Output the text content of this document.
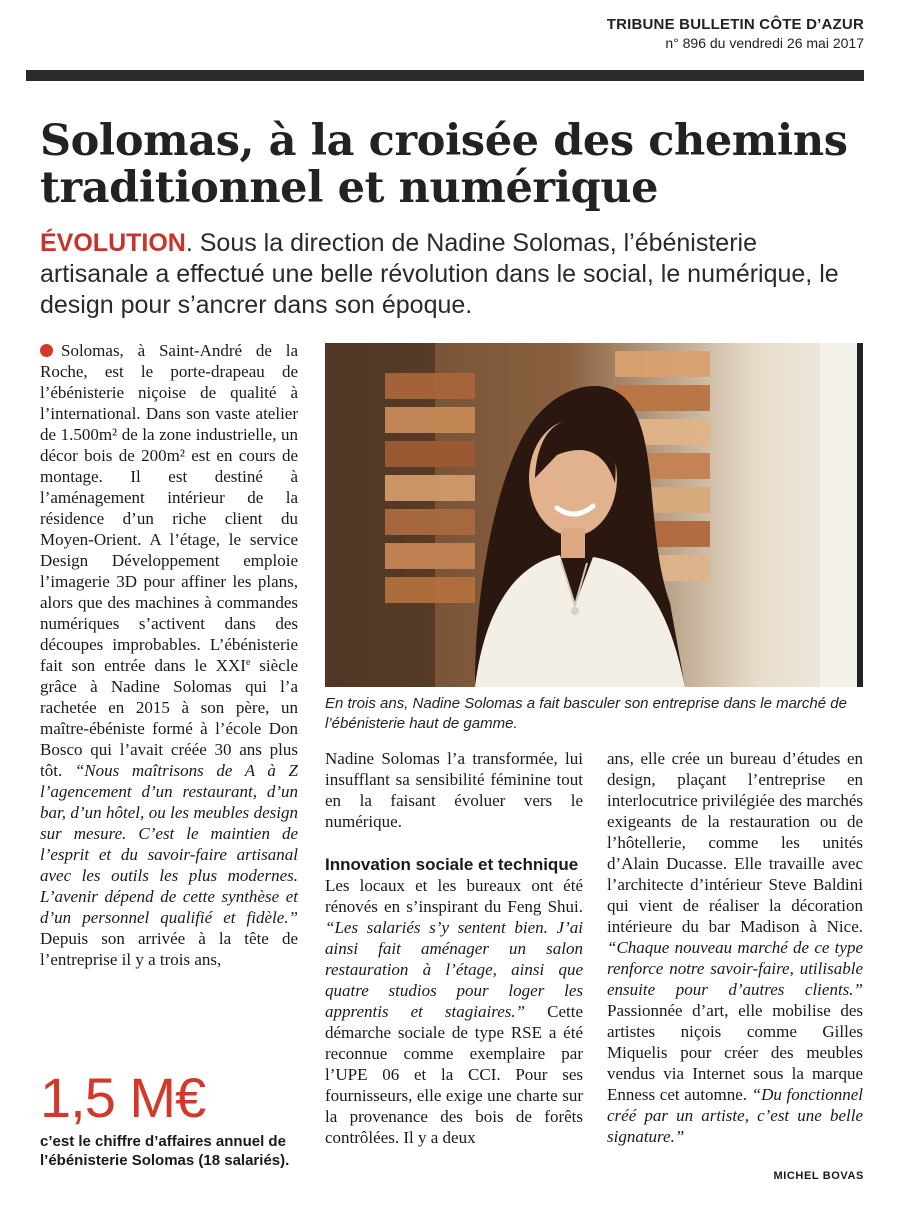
TRIBUNE BULLETIN CÔTE D’AZUR
n° 896 du vendredi 26 mai 2017
Solomas, à la croisée des chemins
traditionnel et numérique
ÉVOLUTION. Sous la direction de Nadine Solomas, l’ébénisterie artisanale a effectué une belle révolution dans le social, le numérique, le design pour s’ancrer dans son époque.

Solomas, à Saint-André de la Roche, est le porte-drapeau de l’ébénisterie niçoise de qualité à l’international. Dans son vaste atelier de 1.500m² de la zone industrielle, un décor bois de 200m² est en cours de montage. Il est destiné à l’aménagement intérieur de la résidence d’un riche client du Moyen-Orient. A l’étage, le service Design Développement emploie l’imagerie 3D pour affiner les plans, alors que des machines à commandes numériques s’activent dans des découpes improbables. L’ébénisterie fait son entrée dans le XXIe siècle grâce à Nadine Solomas qui l’a rachetée en 2015 à son père, un maître-ébéniste formé à l’école Don Bosco qui l’avait créée 30 ans plus tôt. “Nous maîtrisons de A à Z l’agencement d’un restaurant, d’un bar, d’un hôtel, ou les meubles design sur mesure. C’est le maintien de l’esprit et du savoir-faire artisanal avec les outils les plus modernes. L’avenir dépend de cette synthèse et d’un personnel qualifié et fidèle.” Depuis son arrivée à la tête de l’entreprise il y a trois ans,

En trois ans, Nadine Solomas a fait basculer son entreprise dans le marché de l’ébénisterie haut de gamme.

Nadine Solomas l’a transformée, lui insufflant sa sensibilité féminine tout en la faisant évoluer vers le numérique.

Innovation sociale et technique

Les locaux et les bureaux ont été rénovés en s’inspirant du Feng Shui. “Les salariés s’y sentent bien. J’ai ainsi fait aménager un salon restauration à l’étage, ainsi que quatre studios pour loger les apprentis et stagiaires.” Cette démarche sociale de type RSE a été reconnue comme exemplaire par l’UPE 06 et la CCI. Pour ses fournisseurs, elle exige une charte sur la provenance des bois de forêts contrôlées. Il y a deux

ans, elle crée un bureau d’études en design, plaçant l’entreprise en interlocutrice privilégiée des marchés exigeants de la restauration ou de l’hôtellerie, comme les unités d’Alain Ducasse. Elle travaille avec l’architecte d’intérieur Steve Baldini qui vient de réaliser la décoration intérieure du bar Madison à Nice. “Chaque nouveau marché de ce type renforce notre savoir-faire, utilisable ensuite pour d’autres clients.” Passionnée d’art, elle mobilise des artistes niçois comme Gilles Miquelis pour créer des meubles vendus via Internet sous la marque Enness cet automne. “Du fonctionnel créé par un artiste, c’est une belle signature.”

MICHEL BOVAS
1,5 M€
c’est le chiffre d’affaires annuel de l’ébénisterie Solomas (18 salariés).
